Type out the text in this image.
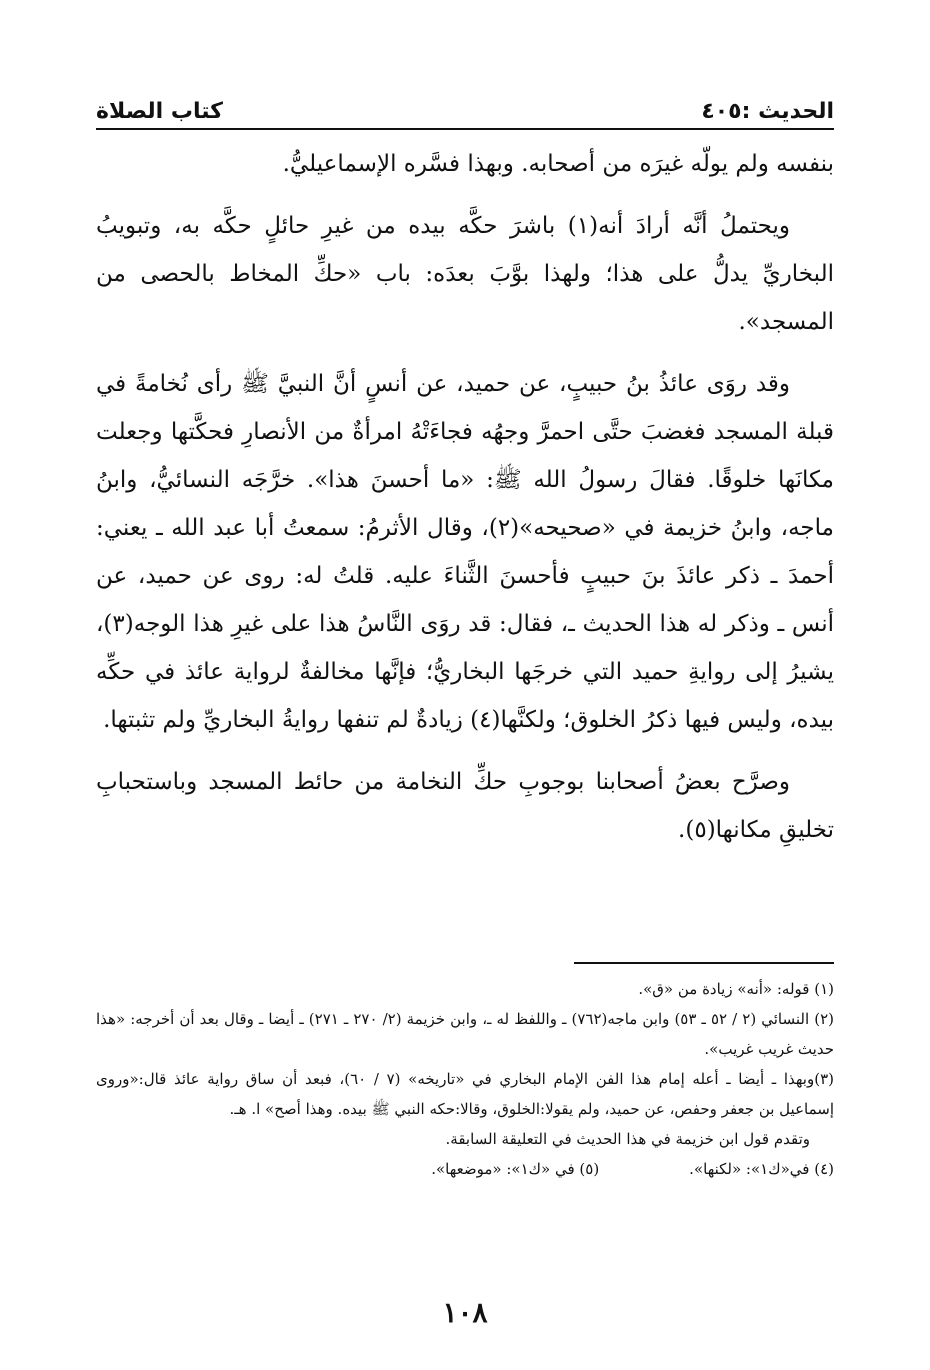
الحديث :٤٠٥
كتاب الصلاة

بنفسه ولم يولّه غيرَه من أصحابه. وبهذا فسَّره الإسماعيليُّ.

ويحتملُ أنَّه أرادَ أنه(١) باشرَ حكَّه بيده من غيرِ حائلٍ حكَّه به، وتبويبُ البخاريِّ يدلُّ على هذا؛ ولهذا بوَّبَ بعدَه: باب «حكِّ المخاط بالحصى من المسجد».

وقد روَى عائذُ بنُ حبيبٍ، عن حميد، عن أنسٍ أنَّ النبيَّ ﷺ رأى نُخامةً في قبلة المسجد فغضبَ حتَّى احمرَّ وجهُه فجاءَتْهُ امرأةٌ من الأنصارِ فحكَّتها وجعلت مكانَها خلوقًا. فقالَ رسولُ الله ﷺ: «ما أحسنَ هذا». خرَّجَه النسائيُّ، وابنُ ماجه، وابنُ خزيمة في «صحيحه»(٢)، وقال الأثرمُ: سمعتُ أبا عبد الله ـ يعني: أحمدَ ـ ذكر عائذَ بنَ حبيبٍ فأحسنَ الثَّناءَ عليه. قلتُ له: روى عن حميد، عن أنس ـ وذكر له هذا الحديث ـ، فقال: قد روَى النَّاسُ هذا على غيرِ هذا الوجه(٣)، يشيرُ إلى روايةِ حميد التي خرجَها البخاريُّ؛ فإنَّها مخالفةٌ لرواية عائذ في حكِّه بيده، وليس فيها ذكرُ الخلوق؛ ولكنَّها(٤) زيادةٌ لم تنفها روايةُ البخاريِّ ولم تثبتها.

وصرَّح بعضُ أصحابنا بوجوبِ حكِّ النخامة من حائط المسجد وباستحبابِ تخليقِ مكانها(٥).

(١) قوله: «أنه» زيادة من «ق».

(٢) النسائي (٢ / ٥٢ ـ ٥٣) وابن ماجه(٧٦٢) ـ واللفظ له ـ، وابن خزيمة (٢/ ٢٧٠ ـ ٢٧١) ـ أيضا ـ وقال بعد أن أخرجه: «هذا حديث غريب غريب».

(٣)وبهذا ـ أيضا ـ أعله إمام هذا الفن الإمام البخاري في «تاريخه» (٧ / ٦٠)، فبعد أن ساق رواية عائذ قال:«وروى إسماعيل بن جعفر وحفص، عن حميد، ولم يقولا:الخلوق، وقالا:حكه النبي ﷺ بيده. وهذا أصح» ا. هـ.

وتقدم قول ابن خزيمة في هذا الحديث في التعليقة السابقة.

(٤) في«ك١»: «لكنها».
(٥) في «ك١»: «موضعها».
١٠٨
